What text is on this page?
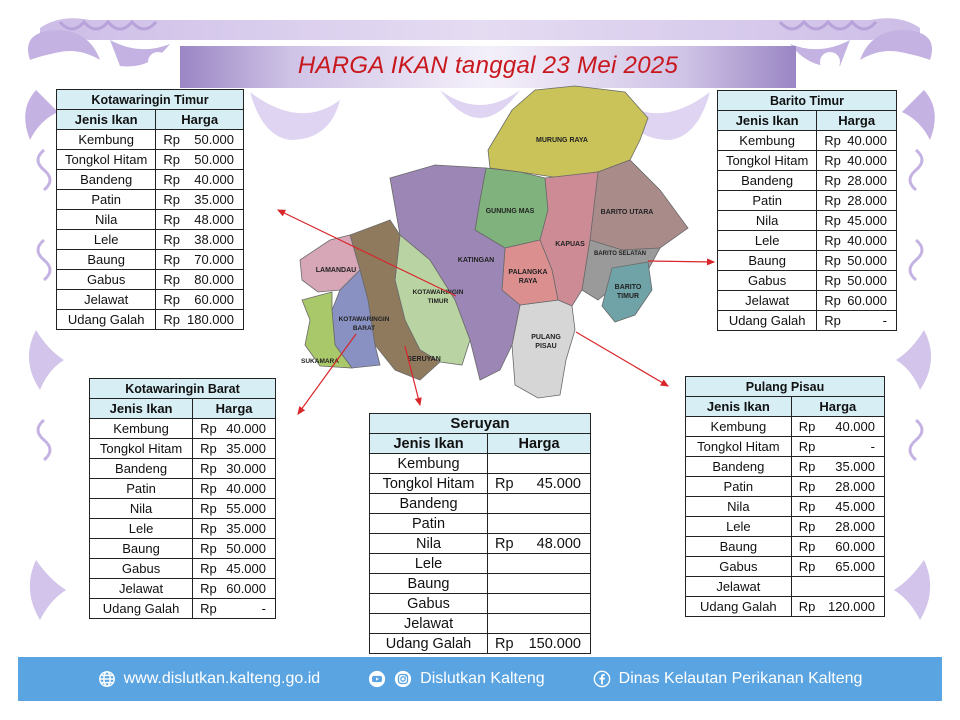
HARGA IKAN tanggal 23 Mei 2025
MURUNG RAYA
BARITO UTARA
GUNUNG MAS
BARITO SELATAN
BARITO
TIMUR
KAPUAS
KATINGAN
PALANGKA
RAYA
LAMANDAU
KOTAWARINGIN
BARAT
KOTAWARINGIN
TIMUR
SERUYAN
SUKAMARA
PULANG
PISAU
Kotawaringin Timur	
Jenis Ikan	Harga
Kembung	Rp 50.000

Tongkol Hitam	Rp 50.000

Bandeng	Rp 40.000

Patin	Rp 35.000

Nila	Rp 48.000

Lele	Rp 38.000

Baung	Rp 70.000

Gabus	Rp 80.000

Jelawat	Rp 60.000

Udang Galah	Rp 180.000
Barito Timur	
Jenis Ikan	Harga
Kembung	Rp 40.000

Tongkol Hitam	Rp 40.000

Bandeng	Rp 28.000

Patin	Rp 28.000

Nila	Rp 45.000

Lele	Rp 40.000

Baung	Rp 50.000

Gabus	Rp 50.000

Jelawat	Rp 60.000

Udang Galah	Rp -
Kotawaringin Barat	
Jenis Ikan	Harga
Kembung	Rp 40.000

Tongkol Hitam	Rp 35.000

Bandeng	Rp 30.000

Patin	Rp 40.000

Nila	Rp 55.000

Lele	Rp 35.000

Baung	Rp 50.000

Gabus	Rp 45.000

Jelawat	Rp 60.000

Udang Galah	Rp -
Seruyan	
Jenis Ikan	Harga
Kembung	

Tongkol Hitam	Rp 45.000

Bandeng	

Patin	

Nila	Rp 48.000

Lele	

Baung	

Gabus	

Jelawat	

Udang Galah	Rp 150.000
Pulang Pisau	
Jenis Ikan	Harga
Kembung	Rp 40.000

Tongkol Hitam	Rp -

Bandeng	Rp 35.000

Patin	Rp 28.000

Nila	Rp 45.000

Lele	Rp 28.000

Baung	Rp 60.000

Gabus	Rp 65.000

Jelawat	

Udang Galah	Rp 120.000
www.dislutkan.kalteng.go.id	Dislutkan Kalteng	Dinas Kelautan Perikanan Kalteng
